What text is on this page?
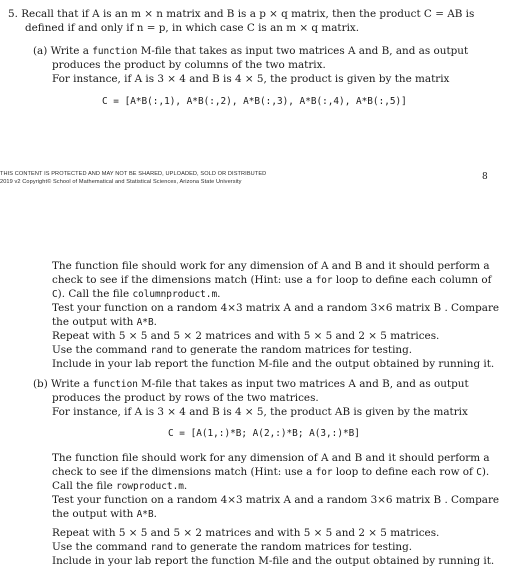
5. Recall that if A is an m × n matrix and B is a p × q matrix, then the product C = AB is
defined if and only if n = p, in which case C is an m × q matrix.
(a) Write a function M-file that takes as input two matrices A and B, and as output
produces the product by columns of the two matrix.
For instance, if A is 3 × 4 and B is 4 × 5, the product is given by the matrix
C = [A*B(:,1), A*B(:,2), A*B(:,3), A*B(:,4), A*B(:,5)]
THIS CONTENT IS PROTECTED AND MAY NOT BE SHARED, UPLOADED, SOLD OR DISTRIBUTED
2019 v2 Copyright© School of Mathematical and Statistical Sciences, Arizona State University	8
The function file should work for any dimension of A and B and it should perform a
check to see if the dimensions match (Hint: use a for loop to define each column of
C). Call the file columnproduct.m.
Test your function on a random 4×3 matrix A and a random 3×6 matrix B . Compare
the output with A*B.
Repeat with 5 × 5 and 5 × 2 matrices and with 5 × 5 and 2 × 5 matrices.
Use the command rand to generate the random matrices for testing.
Include in your lab report the function M-file and the output obtained by running it.
(b) Write a function M-file that takes as input two matrices A and B, and as output
produces the product by rows of the two matrices.
For instance, if A is 3 × 4 and B is 4 × 5, the product AB is given by the matrix
C = [A(1,:)*B; A(2,:)*B; A(3,:)*B]
The function file should work for any dimension of A and B and it should perform a
check to see if the dimensions match (Hint: use a for loop to define each row of C).
Call the file rowproduct.m.
Test your function on a random 4×3 matrix A and a random 3×6 matrix B . Compare
the output with A*B.
Repeat with 5 × 5 and 5 × 2 matrices and with 5 × 5 and 2 × 5 matrices.
Use the command rand to generate the random matrices for testing.
Include in your lab report the function M-file and the output obtained by running it.
